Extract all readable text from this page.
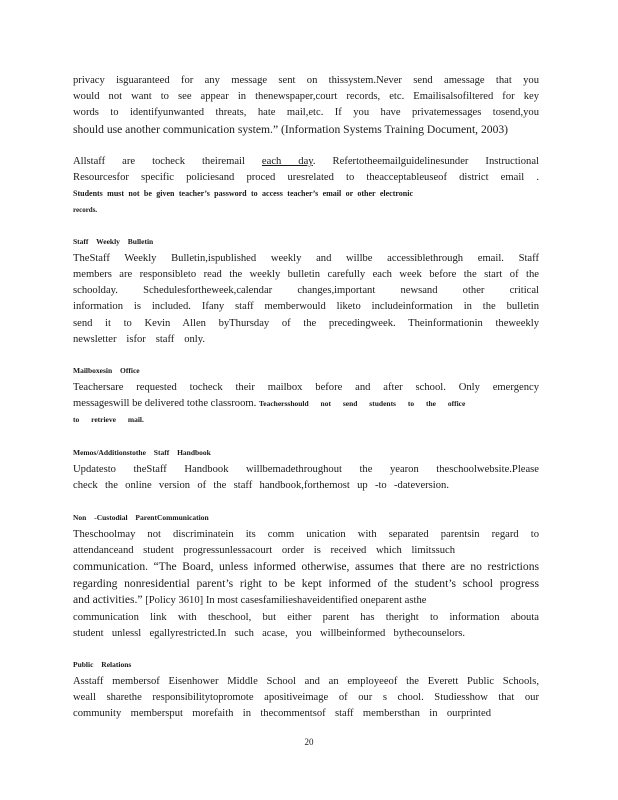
privacy isguaranteed for any message sent on thissystem.Never send amessage that you
would not want to see appear in thenewspaper,court records, etc. Emailisalsofiltered for key
words to identifyunwanted threats, hate mail,etc. If you have privatemessages tosend,you
should use another communication system.” (Information Systems Training Document, 2003)
Allstaff are tocheck theiremail each day. Refertotheemailguidelinesunder Instructional
Resourcesfor specific policiesand proced uresrelated to theacceptableuseof district email .
Students must not be given teacher’s password to access teacher’s email or other electronic
records.
Staff Weekly Bulletin
TheStaff Weekly Bulletin,ispublished weekly and willbe accessiblethrough email. Staff
members are responsibleto read the weekly bulletin carefully each week before the start of the
schoolday. Schedulesfortheweek,calendar changes,important newsand other critical
information is included. Ifany staff memberwould liketo includeinformation in the bulletin
send it to Kevin Allen byThursday of the precedingweek. Theinformationin theweekly
newsletter isfor staff only.
Mailboxesin Office
Teachersare requested tocheck their mailbox before and after school. Only emergency
messageswill be delivered tothe classroom. Teachersshould not send students to the office
to retrieve mail.
Memos/Additionstothe Staff Handbook
Updatesto theStaff Handbook willbemadethroughout the yearon theschoolwebsite.Please
check the online version of the staff handbook,forthemost up -to -dateversion.
Non -Custodial ParentCommunication
Theschoolmay not discriminatein its comm unication with separated parentsin regard to
attendanceand student progressunlessacourt order is received which limitssuch
communication. “The Board, unless informed otherwise, assumes that there are no restrictions
regarding nonresidential parent’s right to be kept informed of the student’s school progress
and activities.” [Policy 3610] In most casesfamilieshaveidentified oneparent asthe
communication link with theschool, but either parent has theright to information abouta
student unlessl egallyrestricted.In such acase, you willbeinformed bythecounselors.
Public Relations
Asstaff membersof Eisenhower Middle School and an employeeof the Everett Public Schools,
weall sharethe responsibilitytopromote apositiveimage of our s chool. Studiesshow that our
community membersput morefaith in thecommentsof staff membersthan in ourprinted
20
